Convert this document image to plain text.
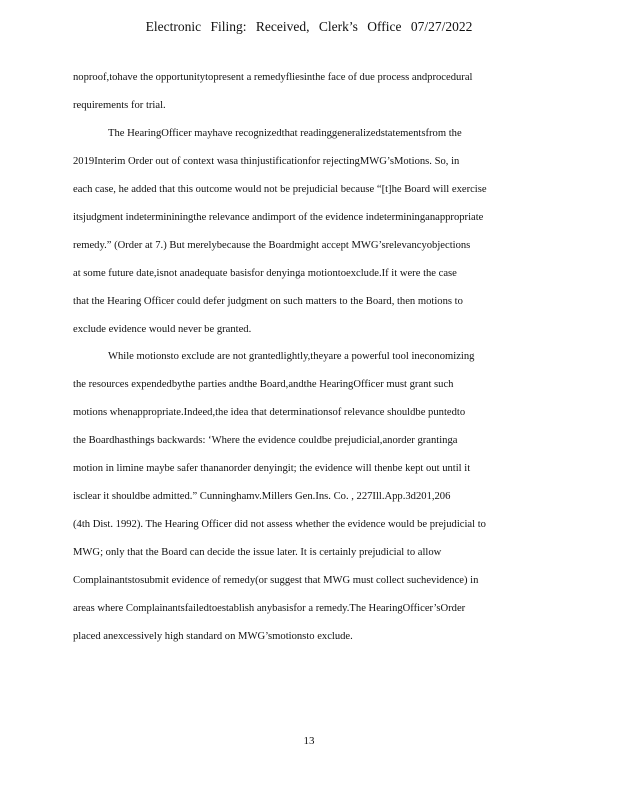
Electronic Filing: Received, Clerk’s Office 07/27/2022
noproof,tohave the opportunitytopresent a remedyfliesinthe face of due process andprocedural
requirements for trial.
The HearingOfficer mayhave recognizedthat readinggeneralizedstatementsfrom the
2019Interim Order out of context wasa thinjustificationfor rejectingMWG’sMotions. So, in
each case, he added that this outcome would not be prejudicial because “[t]he Board will exercise
itsjudgment indetermininingthe relevance andimport of the evidence indetermininganappropriate
remedy.” (Order at 7.) But merelybecause the Boardmight accept MWG’srelevancyobjections
at some future date,isnot anadequate basisfor denyinga motiontoexclude.If it were the case
that the Hearing Officer could defer judgment on such matters to the Board, then motions to
exclude evidence would never be granted.
While motionsto exclude are not grantedlightly,theyare a powerful tool ineconomizing
the resources expendedbythe parties andthe Board,andthe HearingOfficer must grant such
motions whenappropriate.Indeed,the idea that determinationsof relevance shouldbe puntedto
the Boardhasthings backwards: ‘Where the evidence couldbe prejudicial,anorder grantinga
motion in limine maybe safer thananorder denyingit; the evidence will thenbe kept out until it
isclear it shouldbe admitted.” Cunninghamv.Millers Gen.Ins. Co. , 227Ill.App.3d201,206
(4th Dist. 1992). The Hearing Officer did not assess whether the evidence would be prejudicial to
MWG; only that the Board can decide the issue later. It is certainly prejudicial to allow
Complainantstosubmit evidence of remedy(or suggest that MWG must collect suchevidence) in
areas where Complainantsfailedtoestablish anybasisfor a remedy.The HearingOfficer’sOrder
placed anexcessively high standard on MWG’smotionsto exclude.
13
